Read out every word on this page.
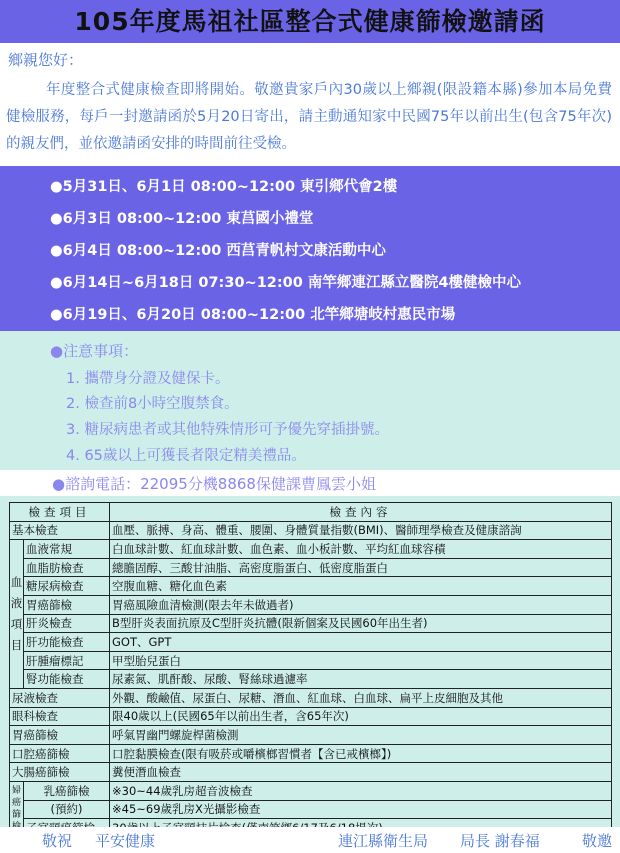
105年度馬祖社區整合式健康篩檢邀請函
鄉親您好：
年度整合式健康檢查即將開始。敬邀貴家戶內30歲以上鄉親(限設籍本縣)參加本局免費健檢服務，每戶一封邀請函於5月20日寄出，請主動通知家中民國75年以前出生(包含75年次)的親友們，並依邀請函安排的時間前往受檢。
●5月31日、6月1日 08:00~12:00 東引鄉代會2樓
●6月3日 08:00~12:00 東莒國小禮堂
●6月4日 08:00~12:00 西莒青帆村文康活動中心
●6月14日~6月18日 07:30~12:00 南竿鄉連江縣立醫院4樓健檢中心
●6月19日、6月20日 08:00~12:00 北竿鄉塘岐村惠民市場
●注意事項：
1. 攜帶身分證及健保卡。
2. 檢查前8小時空腹禁食。
3. 糖尿病患者或其他特殊情形可予優先穿插掛號。
4. 65歲以上可獲長者限定精美禮品。
●諮詢電話：22095分機8868保健課曹鳳雲小姐
檢查項目		檢查內容
基本檢查		血壓、脈搏、身高、體重、腰圍、身體質量指數(BMI)、醫師理學檢查及健康諮詢
血液項目	血液常規	白血球計數、紅血球計數、血色素、血小板計數、平均紅血球容積
	血脂肪檢查	總膽固醇、三酸甘油脂、高密度脂蛋白、低密度脂蛋白
	糖尿病檢查	空腹血糖、糖化血色素
	胃癌篩檢	胃癌風險血清檢測(限去年未做過者)
	肝炎檢查	B型肝炎表面抗原及C型肝炎抗體(限新個案及民國60年出生者)
	肝功能檢查	GOT、GPT
	肝腫瘤標記	甲型胎兒蛋白
	腎功能檢查	尿素氮、肌酐酸、尿酸、腎絲球過濾率
尿液檢查		外觀、酸鹼值、尿蛋白、尿糖、潛血、紅血球、白血球、扁平上皮細胞及其他
眼科檢查		限40歲以上(民國65年以前出生者，含65年次)
胃癌篩檢		呼氣胃幽門螺旋桿菌檢測
口腔癌篩檢		口腔黏膜檢查(限有吸菸或嚼檳榔習慣者【含已戒檳榔】)
大腸癌篩檢		糞便潛血檢查
婦癌篩	乳癌篩檢	※30~44歲乳房超音波檢查
	(預約)	※45~69歲乳房X光攝影檢查

敬祝 平安健康	連江縣衛生局 局長 謝春福	敬邀
